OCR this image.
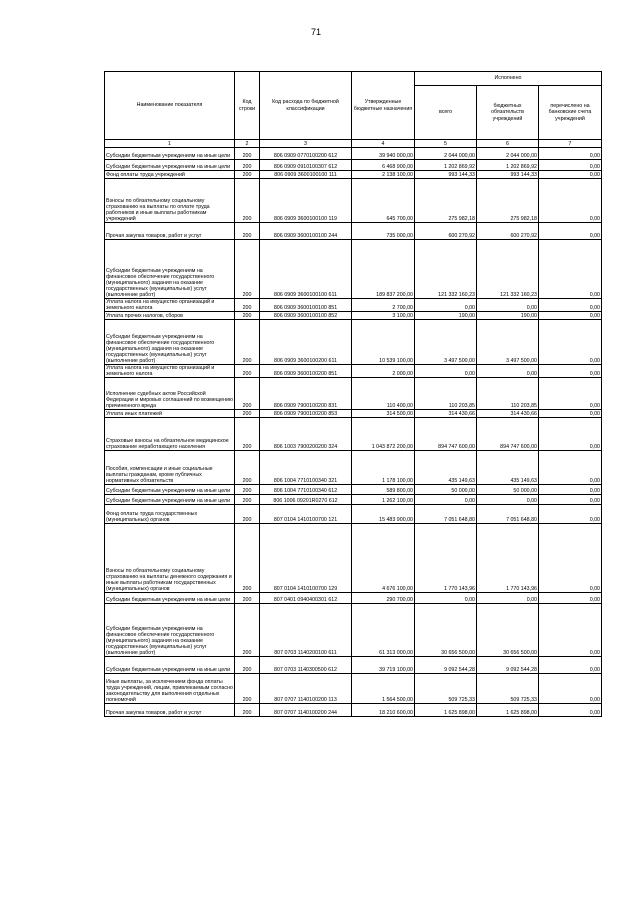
71
Наименование показателя	Код строки	Код расхода по бюджетной классификации	Утвержденные бюджетные назначения	Исполнено		
				всего	бюджетных обязательств учреждений	перечислено на банковские счета учреждений
1	2	3	4	5	6	7
Субсидии бюджетным учреждениям на иные цели	200	806 0909 0770100200 612	39 940 000,00	2 044 000,00	2 044 000,00	0,00
Субсидии бюджетным учреждениям на иные цели	200	806 0909 0910100307 612	6 468 900,00	1 202 869,92	1 202 869,92	0,00
Фонд оплаты труда учреждений	200	806 0909 3600100100 111	2 138 100,00	993 144,33	993 144,33	0,00
Взносы по обязательному социальному страхованию на выплаты по оплате труда работников и иные выплаты работникам учреждений	200	806 0909 3600100100 119	645 700,00	275 982,18	275 982,18	0,00
Прочая закупка товаров, работ и услуг	200	806 0909 3600100100 244	735 000,00	600 270,92	600 270,92	0,00
Субсидии бюджетным учреждениям на финансовое обеспечение государственного (муниципального) задания на оказание государственных (муниципальных) услуг (выполнение работ)	200	806 0909 3600100100 611	189 837 200,00	121 332 160,23	121 332 160,23	0,00
Уплата налога на имущество организаций и земельного налога	200	806 0909 3600100100 851	2 700,00	0,00	0,00	0,00
Уплата прочих налогов, сборов	200	806 0909 3600100100 852	3 100,00	190,00	190,00	0,00
Субсидии бюджетным учреждениям на финансовое обеспечение государственного (муниципального) задания на оказание государственных (муниципальных) услуг (выполнение работ)	200	806 0909 3600100200 611	10 539 100,00	3 497 500,00	3 497 500,00	0,00
Уплата налога на имущество организаций и земельного налога	200	806 0909 3600100200 851	2 000,00	0,00	0,00	0,00
Исполнение судебных актов Российской Федерации и мировых соглашений по возмещению причиненного вреда	200	806 0909 7900100200 831	110 400,00	110 203,85	110 203,85	0,00
Уплата иных платежей	200	806 0909 7900100200 853	314 500,00	314 430,66	314 430,66	0,00
Страховые взносы на обязательное медицинское страхование неработающего населения	200	806 1003 7900200200 324	1 043 872 200,00	894 747 600,00	894 747 600,00	0,00
Пособия, компенсации и иные социальные выплаты гражданам, кроме публичных нормативных обязательств	200	806 1004 7710100340 321	1 178 100,00	435 149,63	435 149,63	0,00
Субсидии бюджетным учреждениям на иные цели	200	806 1004 7710100340 612	589 800,00	50 000,00	50 000,00	0,00
Субсидии бюджетным учреждениям на иные цели	200	806 1006 09201R0270 612	1 262 100,00	0,00	0,00	0,00
Фонд оплаты труда государственных (муниципальных) органов	200	807 0104 1410100700 121	15 483 900,00	7 051 648,80	7 051 648,80	0,00
Взносы по обязательному социальному страхованию на выплаты денежного содержания и иные выплаты работникам государственных (муниципальных) органов	200	807 0104 1410100700 129	4 676 100,00	1 770 143,96	1 770 143,96	0,00
Субсидии бюджетным учреждениям на иные цели	200	807 0401 0940400301 612	290 700,00	0,00	0,00	0,00
Субсидии бюджетным учреждениям на финансовое обеспечение государственного (муниципального) задания на оказание государственных (муниципальных) услуг (выполнение работ)	200	807 0703 1140200100 611	61 313 000,00	30 656 500,00	30 656 500,00	0,00
Субсидии бюджетным учреждениям на иные цели	200	807 0703 1140300500 612	39 719 100,00	9 092 544,28	9 092 544,28	0,00
Иные выплаты, за исключением фонда оплаты труда учреждений, лицам, привлекаемым согласно законодательству для выполнения отдельных полномочий	200	807 0707 1140100200 113	1 564 500,00	509 725,33	509 725,33	0,00
Прочая закупка товаров, работ и услуг	200	807 0707 1140100200 244	18 210 600,00	1 625 898,00	1 625 898,00	0,00
